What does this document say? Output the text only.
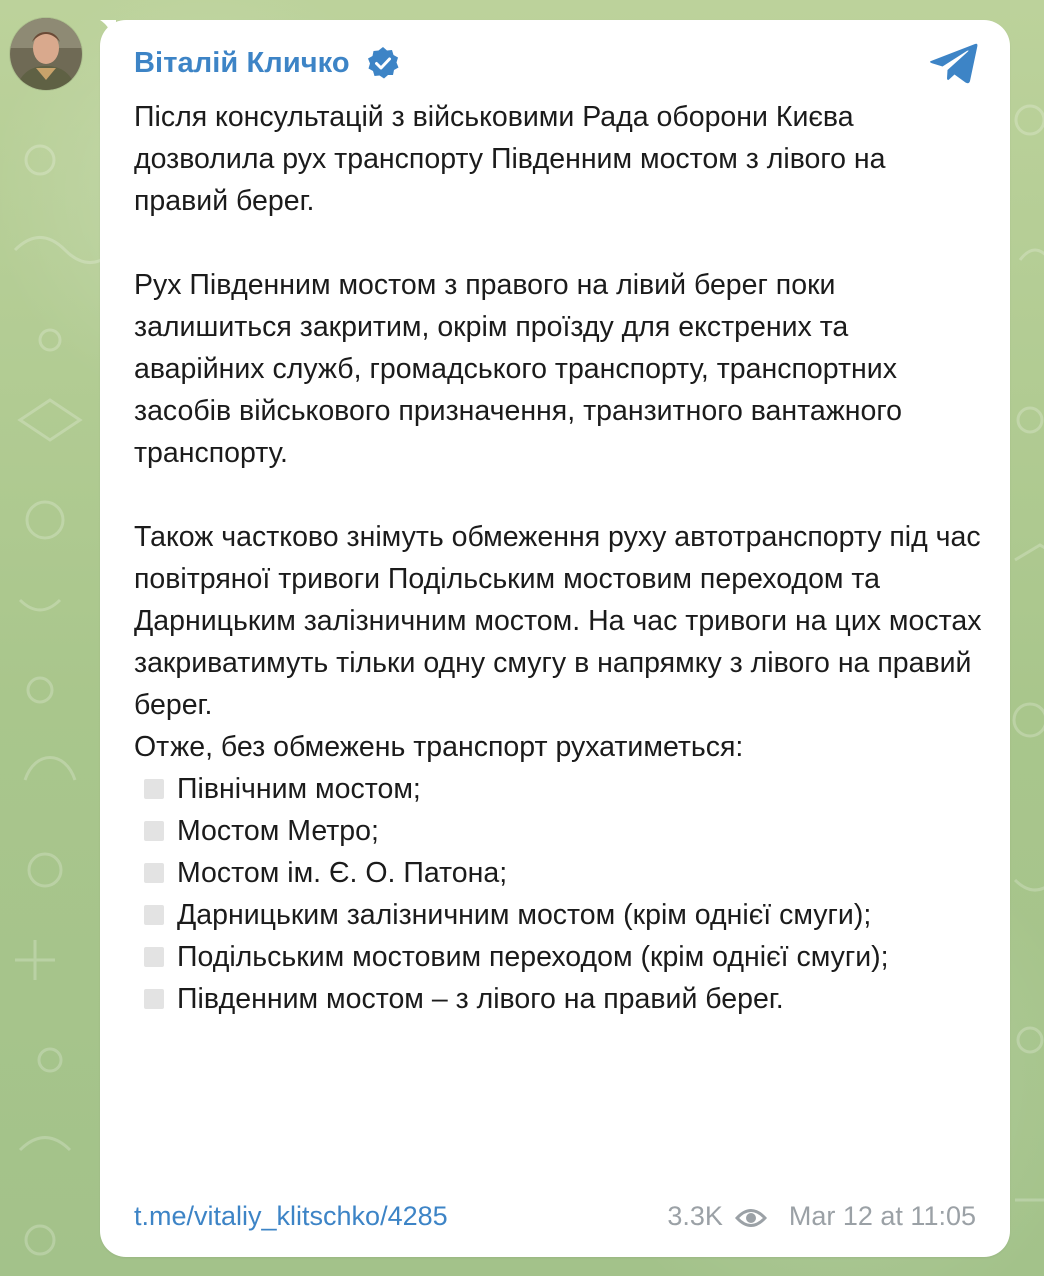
Віталій Кличко

Після консультацій з військовими Рада оборони Києва дозволила рух транспорту Південним мостом з лівого на правий берег.

Рух Південним мостом з правого на лівий берег поки залишиться закритим, окрім проїзду для екстрених та аварійних служб, громадського транспорту, транспортних засобів військового призначення, транзитного вантажного транспорту.

Також частково знімуть обмеження руху автотранспорту під час повітряної тривоги Подільським мостовим переходом та Дарницьким залізничним мостом. На час тривоги на цих мостах закриватимуть тільки одну смугу в напрямку з лівого на правий берег.

Отже, без обмежень транспорт рухатиметься:
Північним мостом;
Мостом Метро;
Мостом ім. Є. О. Патона;
Дарницьким залізничним мостом (крім однієї смуги);
Подільським мостовим переходом (крім однієї смуги);
Південним мостом – з лівого на правий берег.
t.me/vitaliy_klitschko/4285	3.3K Mar 12 at 11:05
